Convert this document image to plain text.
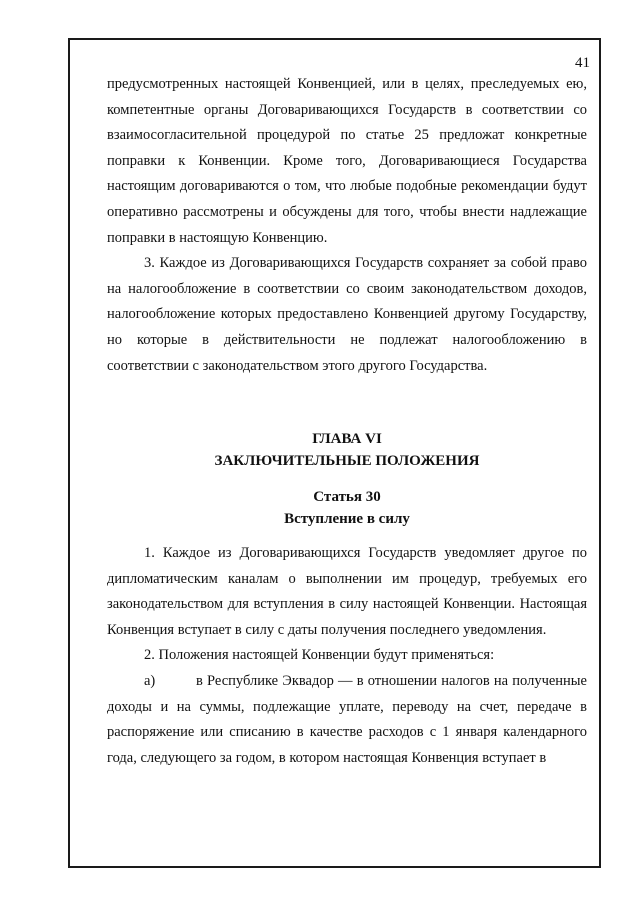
41

предусмотренных настоящей Конвенцией, или в целях, преследуемых ею, компетентные органы Договаривающихся Государств в соответствии со взаимосогласительной процедурой по статье 25 предложат конкретные поправки к Конвенции. Кроме того, Договаривающиеся Государства настоящим договариваются о том, что любые подобные рекомендации будут оперативно рассмотрены и обсуждены для того, чтобы внести надлежащие поправки в настоящую Конвенцию.

3. Каждое из Договаривающихся Государств сохраняет за собой право на налогообложение в соответствии со своим законодательством доходов, налогообложение которых предоставлено Конвенцией другому Государству, но которые в действительности не подлежат налогообложению в соответствии с законодательством этого другого Государства.

ГЛАВА VI

ЗАКЛЮЧИТЕЛЬНЫЕ ПОЛОЖЕНИЯ

Статья 30

Вступление в силу

1. Каждое из Договаривающихся Государств уведомляет другое по дипломатическим каналам о выполнении им процедур, требуемых его законодательством для вступления в силу настоящей Конвенции. Настоящая Конвенция вступает в силу с даты получения последнего уведомления.

2. Положения настоящей Конвенции будут применяться:

а)	в Республике Эквадор — в отношении налогов на полученные доходы и на суммы, подлежащие уплате, переводу на счет, передаче в распоряжение или списанию в качестве расходов с 1 января календарного года, следующего за годом, в котором настоящая Конвенция вступает в
